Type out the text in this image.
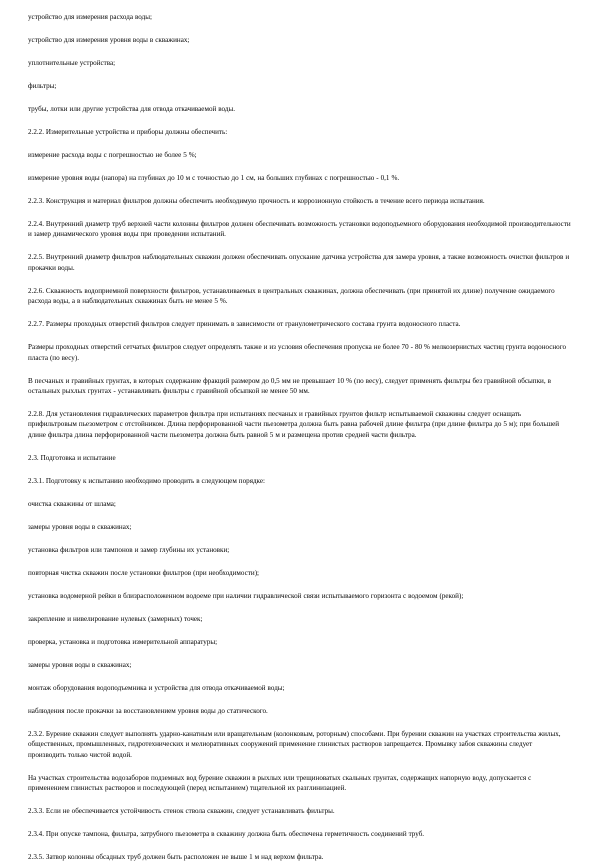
устройство для измерения расхода воды;

устройство для измерения уровня воды в скважинах;

уплотнительные устройства;

фильтры;

трубы, лотки или другие устройства для отвода откачиваемой воды.

2.2.2. Измерительные устройства и приборы должны обеспечить:

измерение расхода воды с погрешностью не более 5 %;

измерение уровня воды (напора) на глубинах до 10 м с точностью до 1 см, на больших глубинах с погрешностью - 0,1 %.

2.2.3. Конструкция и материал фильтров должны обеспечить необходимую прочность и коррозионную стойкость в течение всего периода испытания.

2.2.4. Внутренний диаметр труб верхней части колонны фильтров должен обеспечивать возможность установки водоподъемного оборудования необходимой производительности и замер динамического уровня воды при проведении испытаний.

2.2.5. Внутренний диаметр фильтров наблюдательных скважин должен обеспечивать опускание датчика устройства для замера уровня, а также возможность очистки фильтров и прокачки воды.

2.2.6. Скважность водоприемной поверхности фильтров, устанавливаемых в центральных скважинах, должна обеспечивать (при принятой их длине) получение ожидаемого расхода воды, а в наблюдательных скважинах быть не менее 5 %.

2.2.7. Размеры проходных отверстий фильтров следует принимать в зависимости от гранулометрического состава грунта водоносного пласта.

Размеры проходных отверстий сетчатых фильтров следует определять также и из условия обеспечения пропуска не более 70 - 80 % мелкозернистых частиц грунта водоносного пласта (по весу).

В песчаных и гравийных грунтах, в которых содержание фракций размером до 0,5 мм не превышает 10 % (по весу), следует применять фильтры без гравийной обсыпки, в остальных рыхлых грунтах - устанавливать фильтры с гравийной обсыпкой не менее 50 мм.

2.2.8. Для установления гидравлических параметров фильтра при испытаниях песчаных и гравийных грунтов фильтр испытываемой скважины следует оснащать прифильтровым пьезометром с отстойником. Длина перфорированной части пьезометра должна быть равна рабочей длине фильтра (при длине фильтра до 5 м); при большей длине фильтра длина перфорированной части пьезометра должна быть равной 5 м и размещена против средней части фильтра.

2.3. Подготовка и испытание

2.3.1. Подготовку к испытанию необходимо проводить в следующем порядке:

очистка скважины от шлама;

замеры уровня воды в скважинах;

установка фильтров или тампонов и замер глубины их установки;

повторная чистка скважин после установки фильтров (при необходимости);

установка водомерной рейки в близрасположенном водоеме при наличии гидравлической связи испытываемого горизонта с водоемом (рекой);

закрепление и нивелирование нулевых (замерных) точек;

проверка, установка и подготовка измерительной аппаратуры;

замеры уровня воды в скважинах;

монтаж оборудования водоподъемника и устройства для отвода откачиваемой воды;

наблюдения после прокачки за восстановлением уровня воды до статического.

2.3.2. Бурение скважин следует выполнять ударно-канатным или вращательным (колонковым, роторным) способами. При бурении скважин на участках строительства жилых, общественных, промышленных, гидротехнических и мелиоративных сооружений применение глинистых растворов запрещается. Промывку забоя скважины следует производить только чистой водой.

На участках строительства водозаборов подземных вод бурение скважин в рыхлых или трещиноватых скальных грунтах, содержащих напорную воду, допускается с применением глинистых растворов и последующей (перед испытанием) тщательной их разглинизацией.

2.3.3. Если не обеспечивается устойчивость стенок ствола скважин, следует устанавливать фильтры.

2.3.4. При опуске тампона, фильтра, затрубного пьезометра в скважину должна быть обеспечена герметичность соединений труб.

2.3.5. Затвор колонны обсадных труб должен быть расположен не выше 1 м над верхом фильтра.
